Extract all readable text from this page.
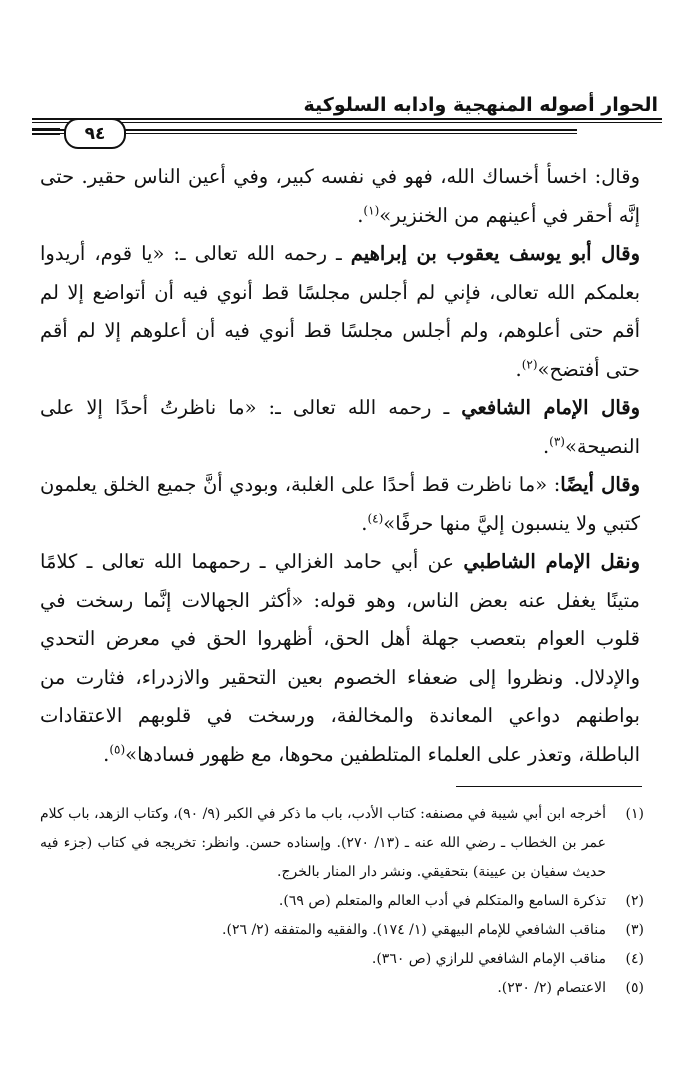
الحوار أصوله المنهجية وادابه السلوكية
٩٤

وقال: اخسأ أخساك الله، فهو في نفسه كبير، وفي أعين الناس حقير. حتى إنَّه أحقر في أعينهم من الخنزير»$^{(١)}$.

وقال أبو يوسف يعقوب بن إبراهيم ـ رحمه الله تعالى ـ: «يا قوم، أريدوا بعلمكم الله تعالى، فإني لم أجلس مجلسًا قط أنوي فيه أن أتواضع إلا لم أقم حتى أعلوهم، ولم أجلس مجلسًا قط أنوي فيه أن أعلوهم إلا لم أقم حتى أفتضح»$^{(٢)}$.

وقال الإمام الشافعي ـ رحمه الله تعالى ـ: «ما ناظرتُ أحدًا إلا على النصيحة»$^{(٣)}$.

وقال أيضًا: «ما ناظرت قط أحدًا على الغلبة، وبودي أنَّ جميع الخلق يعلمون كتبي ولا ينسبون إليَّ منها حرفًا»$^{(٤)}$.

ونقل الإمام الشاطبي عن أبي حامد الغزالي ـ رحمهما الله تعالى ـ كلامًا متينًا يغفل عنه بعض الناس، وهو قوله: «أكثر الجهالات إنَّما رسخت في قلوب العوام بتعصب جهلة أهل الحق، أظهروا الحق في معرض التحدي والإدلال. ونظروا إلى ضعفاء الخصوم بعين التحقير والازدراء، فثارت من بواطنهم دواعي المعاندة والمخالفة، ورسخت في قلوبهم الاعتقادات الباطلة، وتعذر على العلماء المتلطفين محوها، مع ظهور فسادها»$^{(٥)}$.

(١)
أخرجه ابن أبي شيبة في مصنفه: كتاب الأدب، باب ما ذكر في الكبر (٩/ ٩٠)، وكتاب الزهد، باب كلام عمر بن الخطاب ـ رضي الله عنه ـ (١٣/ ٢٧٠). وإسناده حسن. وانظر: تخريجه في كتاب (جزء فيه حديث سفيان بن عيينة) بتحقيقي. ونشر دار المنار بالخرج.
(٢)
تذكرة السامع والمتكلم في أدب العالم والمتعلم (ص ٦٩).
(٣)
مناقب الشافعي للإمام البيهقي (١/ ١٧٤). والفقيه والمتفقه (٢/ ٢٦).
(٤)
مناقب الإمام الشافعي للرازي (ص ٣٦٠).
(٥)
الاعتصام (٢/ ٢٣٠).
